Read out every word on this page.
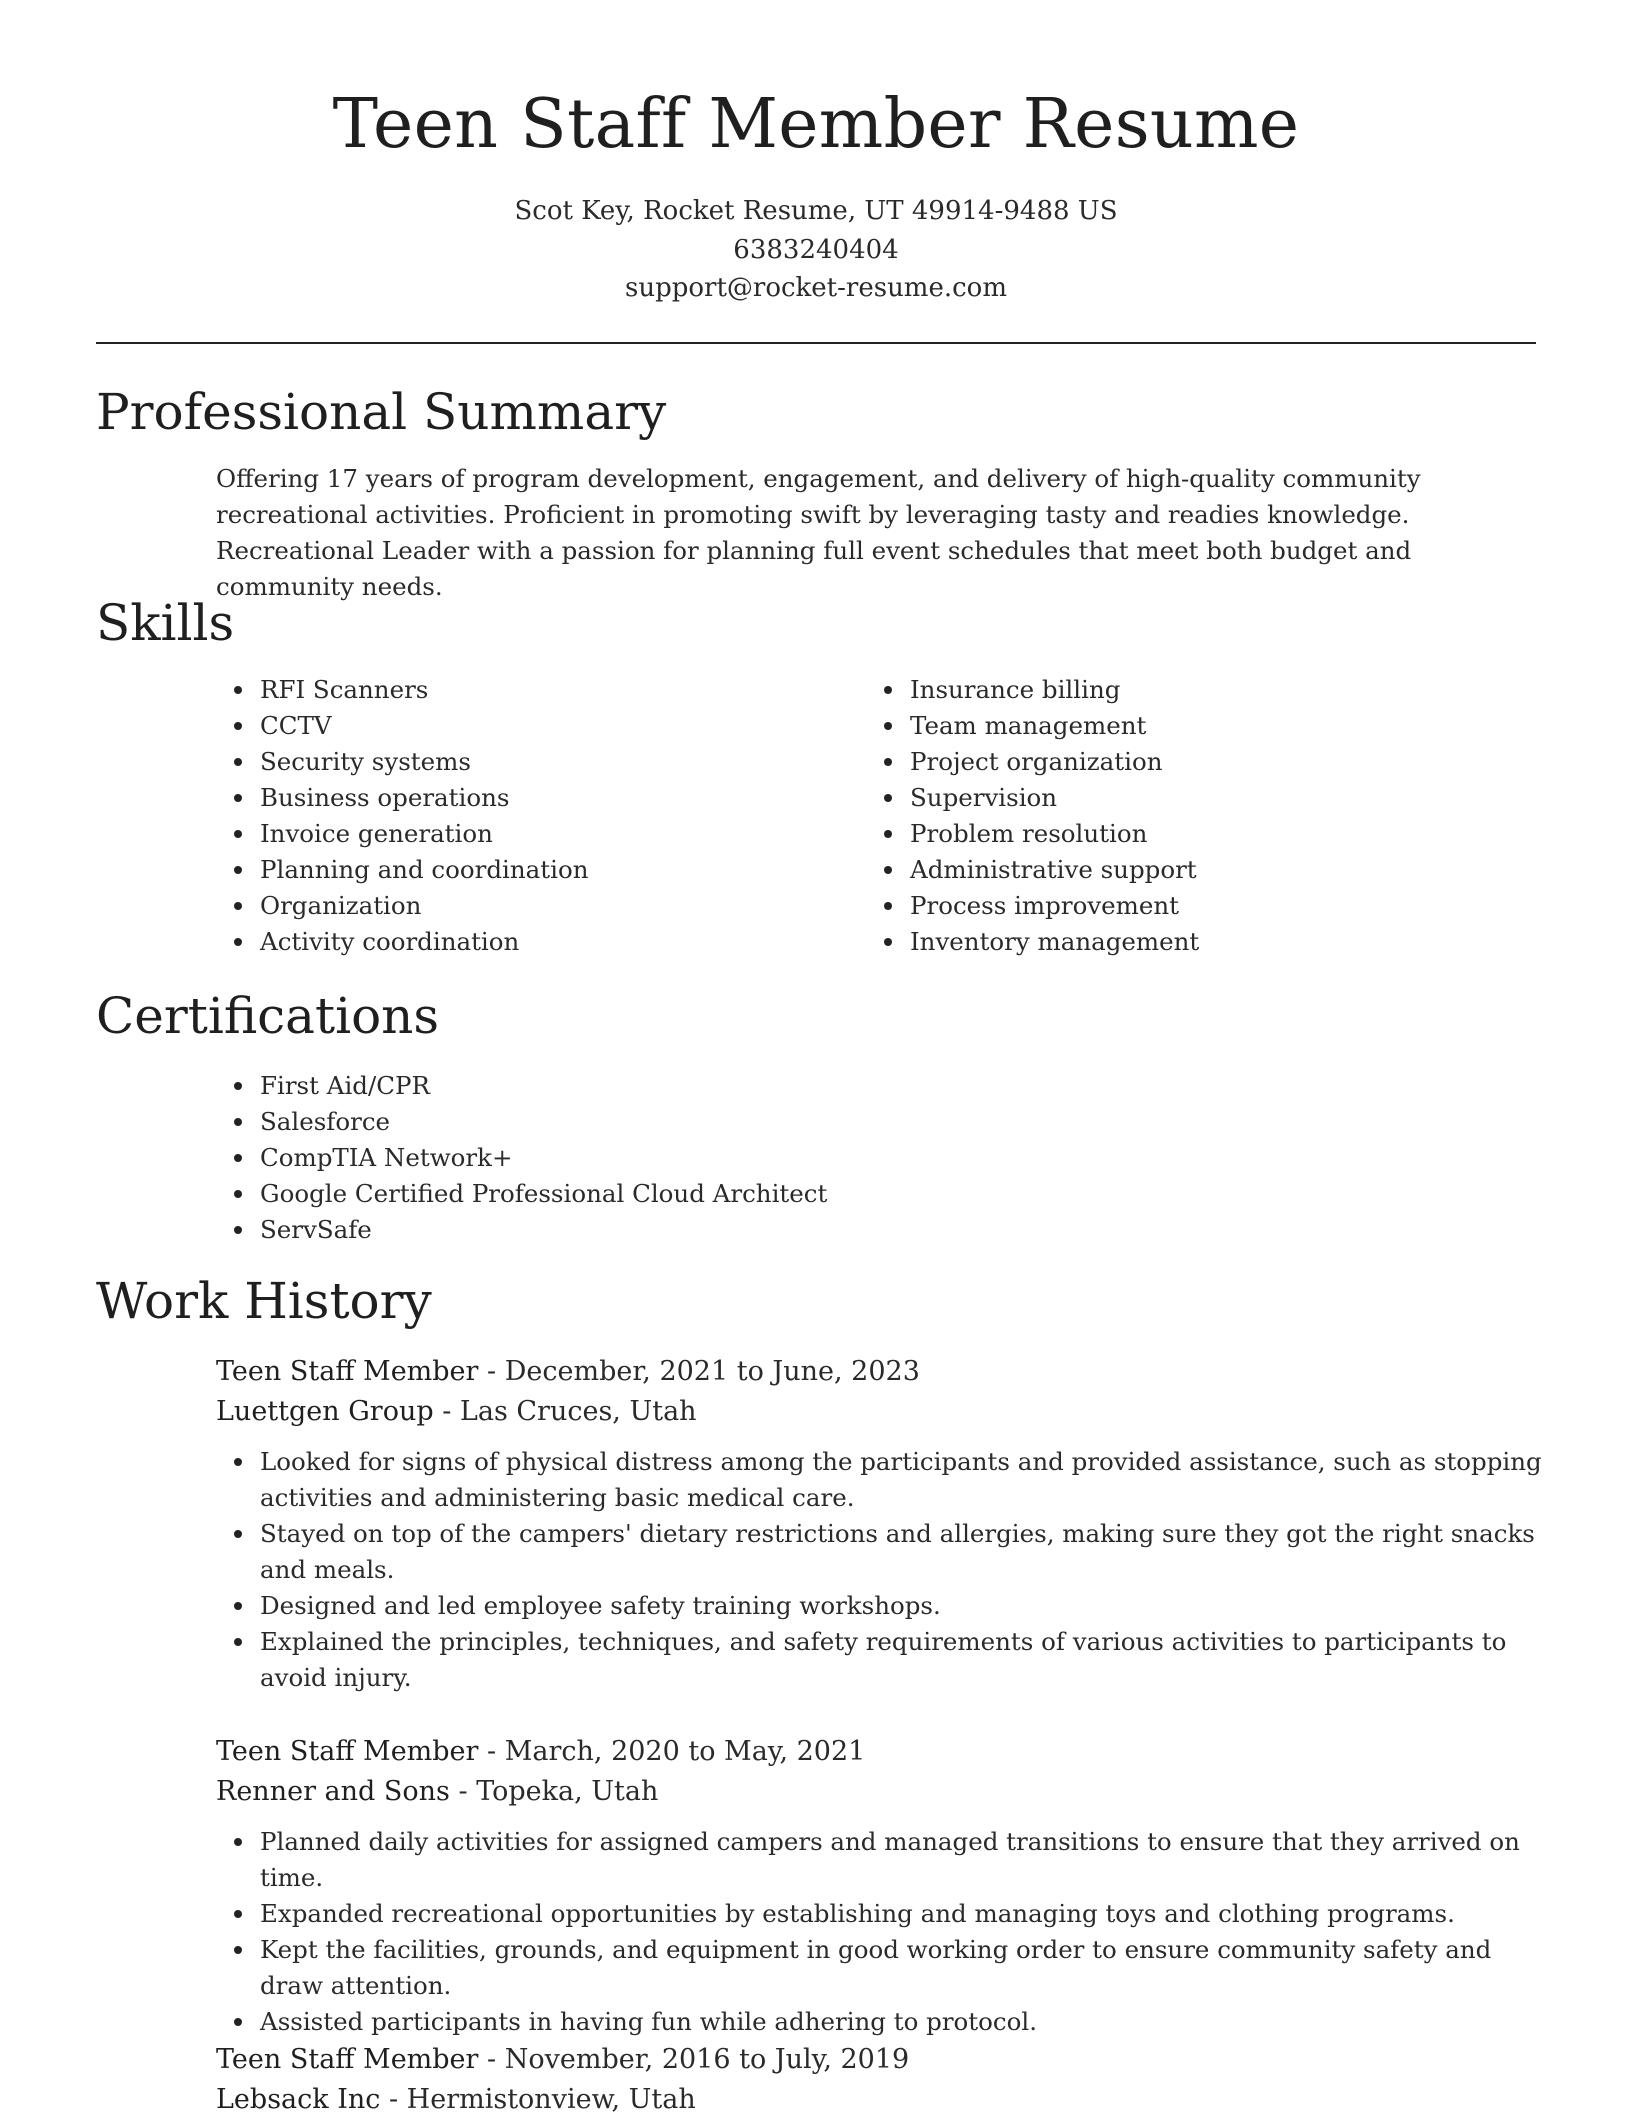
Teen Staff Member Resume
Scot Key, Rocket Resume, UT 49914-9488 US
6383240404
support@rocket-resume.com
Professional Summary
Offering 17 years of program development, engagement, and delivery of high-quality community recreational activities. Proficient in promoting swift by leveraging tasty and readies knowledge. Recreational Leader with a passion for planning full event schedules that meet both budget and community needs.
Skills
RFI Scanners
CCTV
Security systems
Business operations
Invoice generation
Planning and coordination
Organization
Activity coordination
Insurance billing
Team management
Project organization
Supervision
Problem resolution
Administrative support
Process improvement
Inventory management
Certifications
First Aid/CPR
Salesforce
CompTIA Network+
Google Certified Professional Cloud Architect
ServSafe
Work History
Teen Staff Member - December, 2021 to June, 2023
Luettgen Group - Las Cruces, Utah
Looked for signs of physical distress among the participants and provided assistance, such as stopping activities and administering basic medical care.
Stayed on top of the campers' dietary restrictions and allergies, making sure they got the right snacks and meals.
Designed and led employee safety training workshops.
Explained the principles, techniques, and safety requirements of various activities to participants to avoid injury.
Teen Staff Member - March, 2020 to May, 2021
Renner and Sons - Topeka, Utah
Planned daily activities for assigned campers and managed transitions to ensure that they arrived on time.
Expanded recreational opportunities by establishing and managing toys and clothing programs.
Kept the facilities, grounds, and equipment in good working order to ensure community safety and draw attention.
Assisted participants in having fun while adhering to protocol.
Teen Staff Member - November, 2016 to July, 2019
Lebsack Inc - Hermistonview, Utah
